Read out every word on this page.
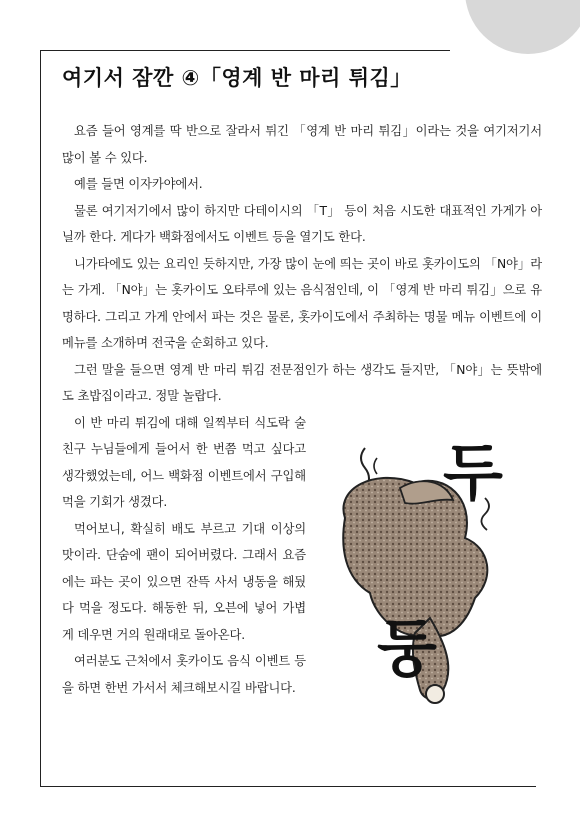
여기서 잠깐 ④「영계 반 마리 튀김」

요즘 들어 영계를 딱 반으로 잘라서 튀긴 「영계 반 마리 튀김」이라는 것을 여기저기서 많이 볼 수 있다.

예를 들면 이자카야에서.

물론 여기저기에서 많이 하지만 다테이시의 「T」 등이 처음 시도한 대표적인 가게가 아닐까 한다. 게다가 백화점에서도 이벤트 등을 열기도 한다.

니가타에도 있는 요리인 듯하지만, 가장 많이 눈에 띄는 곳이 바로 홋카이도의 「N야」라는 가게. 「N야」는 홋카이도 오타루에 있는 음식점인데, 이 「영계 반 마리 튀김」으로 유명하다. 그리고 가게 안에서 파는 것은 물론, 홋카이도에서 주최하는 명물 메뉴 이벤트에 이 메뉴를 소개하며 전국을 순회하고 있다.

그런 말을 들으면 영계 반 마리 튀김 전문점인가 하는 생각도 들지만, 「N야」는 뜻밖에도 초밥집이라고. 정말 놀랍다.

이 반 마리 튀김에 대해 일찍부터 식도락 술친구 누님들에게 들어서 한 번쯤 먹고 싶다고 생각했었는데, 어느 백화점 이벤트에서 구입해 먹을 기회가 생겼다.

먹어보니, 확실히 배도 부르고 기대 이상의 맛이라. 단숨에 팬이 되어버렸다. 그래서 요즘에는 파는 곳이 있으면 잔뜩 사서 냉동을 해뒀다 먹을 정도다. 해동한 뒤, 오븐에 넣어 가볍게 데우면 거의 원래대로 돌아온다.

여러분도 근처에서 홋카이도 음식 이벤트 등을 하면 한번 가서서 체크해보시길 바랍니다.

두
둥
